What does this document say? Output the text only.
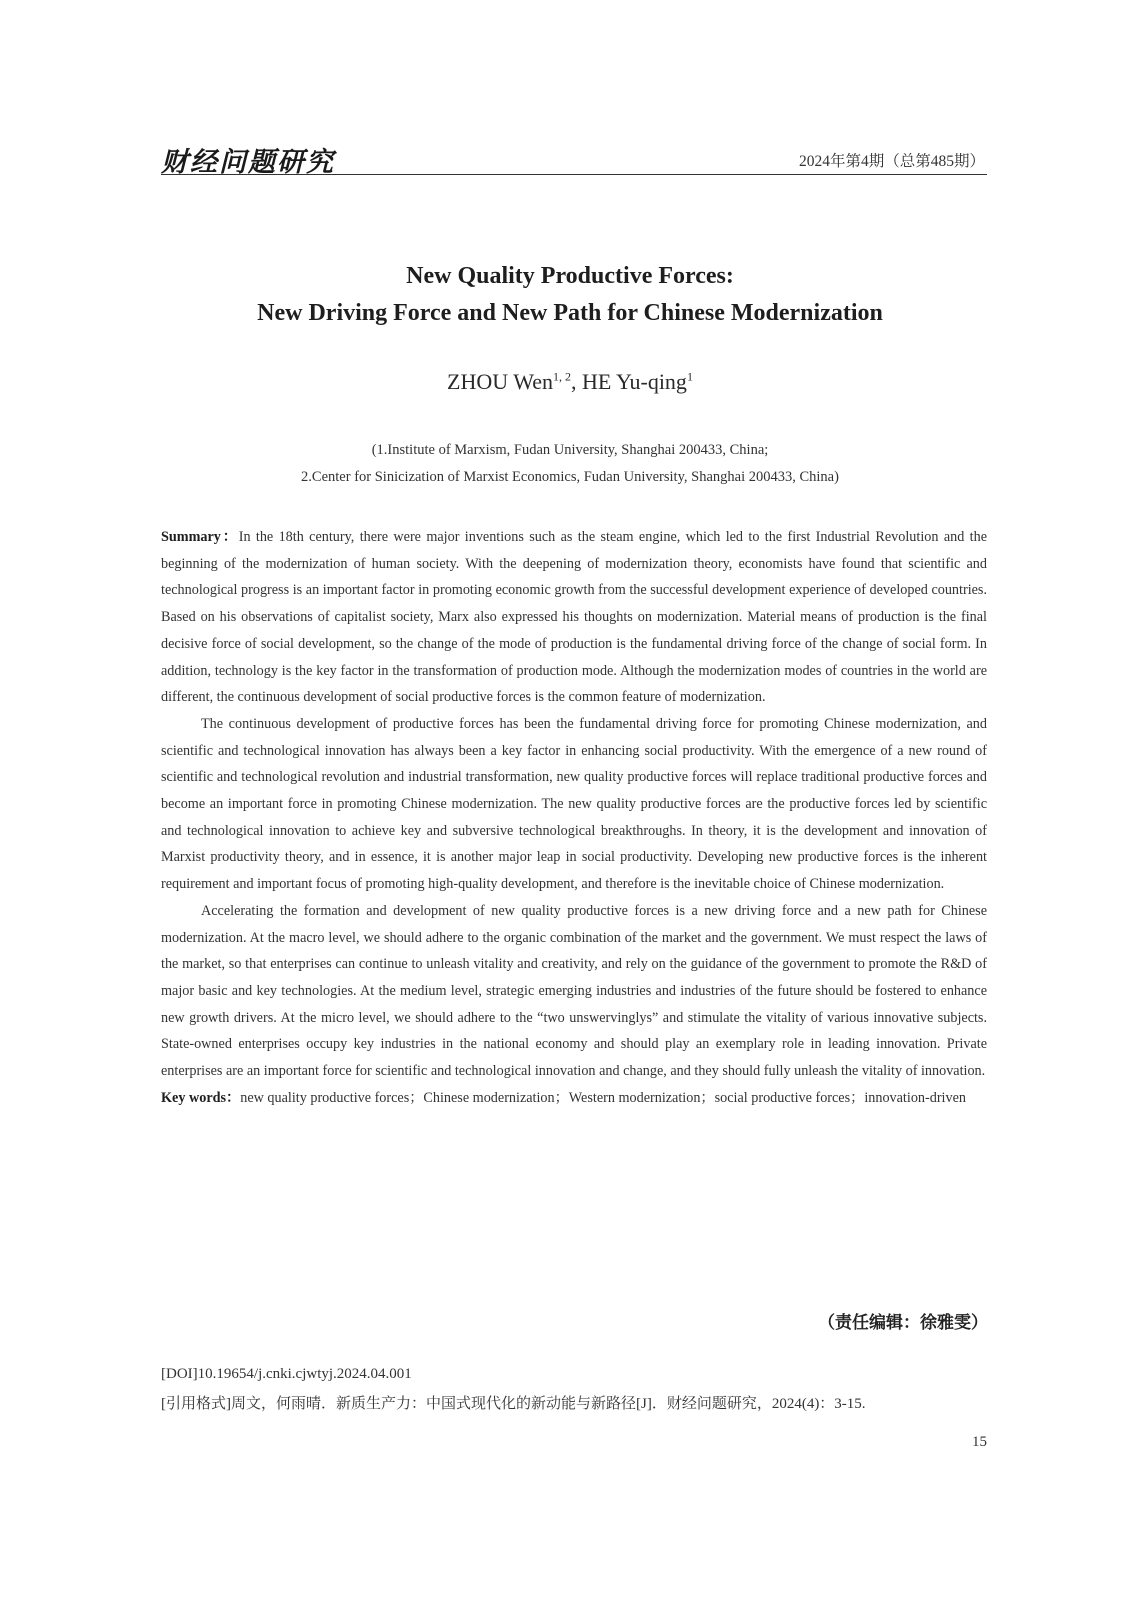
财经问题研究	2024年第4期（总第485期）
New Quality Productive Forces:
New Driving Force and New Path for Chinese Modernization
ZHOU Wen$^{1, 2}$, HE Yu-qing$^1$
(1.Institute of Marxism, Fudan University, Shanghai 200433, China;
2.Center for Sinicization of Marxist Economics, Fudan University, Shanghai 200433, China)

Summary：In the 18th century, there were major inventions such as the steam engine, which led to the first Industrial Revolution and the beginning of the modernization of human society. With the deepening of modernization theory, economists have found that scientific and technological progress is an important factor in promoting economic growth from the successful development experience of developed countries. Based on his observations of capitalist society, Marx also expressed his thoughts on modernization. Material means of production is the final decisive force of social development, so the change of the mode of production is the fundamental driving force of the change of social form. In addition, technology is the key factor in the transformation of production mode. Although the modernization modes of countries in the world are different, the continuous development of social productive forces is the common feature of modernization.

The continuous development of productive forces has been the fundamental driving force for promoting Chinese modernization, and scientific and technological innovation has always been a key factor in enhancing social productivity. With the emergence of a new round of scientific and technological revolution and industrial transformation, new quality productive forces will replace traditional productive forces and become an important force in promoting Chinese modernization. The new quality productive forces are the productive forces led by scientific and technological innovation to achieve key and subversive technological breakthroughs. In theory, it is the development and innovation of Marxist productivity theory, and in essence, it is another major leap in social productivity. Developing new productive forces is the inherent requirement and important focus of promoting high-quality development, and therefore is the inevitable choice of Chinese modernization.

Accelerating the formation and development of new quality productive forces is a new driving force and a new path for Chinese modernization. At the macro level, we should adhere to the organic combination of the market and the government. We must respect the laws of the market, so that enterprises can continue to unleash vitality and creativity, and rely on the guidance of the government to promote the R&D of major basic and key technologies. At the medium level, strategic emerging industries and industries of the future should be fostered to enhance new growth drivers. At the micro level, we should adhere to the “two unswervinglys” and stimulate the vitality of various innovative subjects. State-owned enterprises occupy key industries in the national economy and should play an exemplary role in leading innovation. Private enterprises are an important force for scientific and technological innovation and change, and they should fully unleash the vitality of innovation.

Key words：new quality productive forces；Chinese modernization；Western modernization；social productive forces；innovation-driven

（责任编辑：徐雅雯）
[DOI]10.19654/j.cnki.cjwtyj.2024.04.001
[引用格式]周文，何雨晴．新质生产力：中国式现代化的新动能与新路径[J]．财经问题研究，2024(4)：3-15.
15
